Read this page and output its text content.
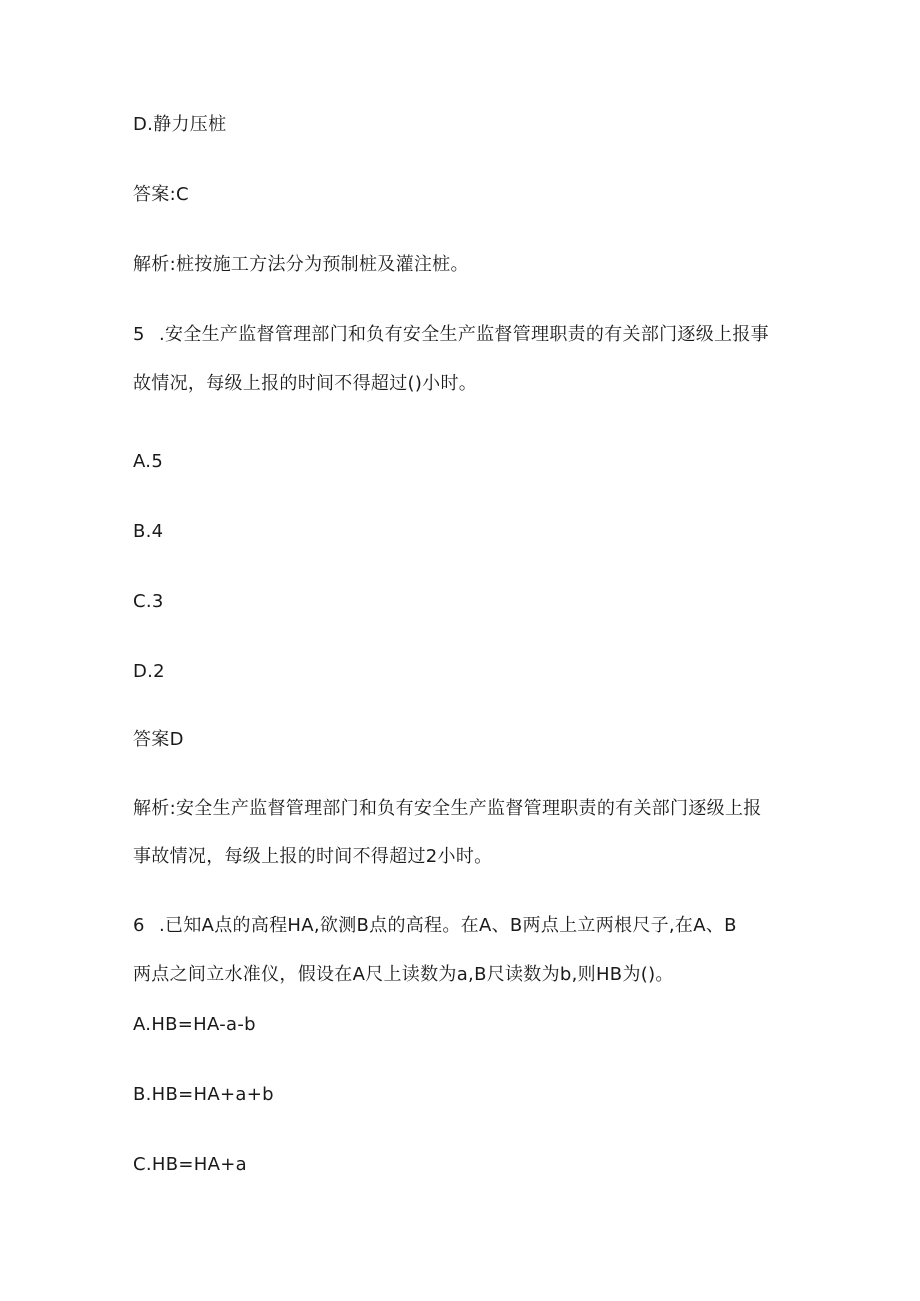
D.静力压桩
答案:C
解析:桩按施工方法分为预制桩及灌注桩。
5 .安全生产监督管理部门和负有安全生产监督管理职责的有关部门逐级上报事
故情况，每级上报的时间不得超过()小时。
A.5
B.4
C.3
D.2
答案D
解析:安全生产监督管理部门和负有安全生产监督管理职责的有关部门逐级上报
事故情况，每级上报的时间不得超过2小时。
6 .已知A点的高程HA,欲测B点的高程。在A、B两点上立两根尺子,在A、B
两点之间立水准仪，假设在A尺上读数为a,B尺读数为b,则HB为()。
A.HB=HA-a-b
B.HB=HA+a+b
C.HB=HA+a
